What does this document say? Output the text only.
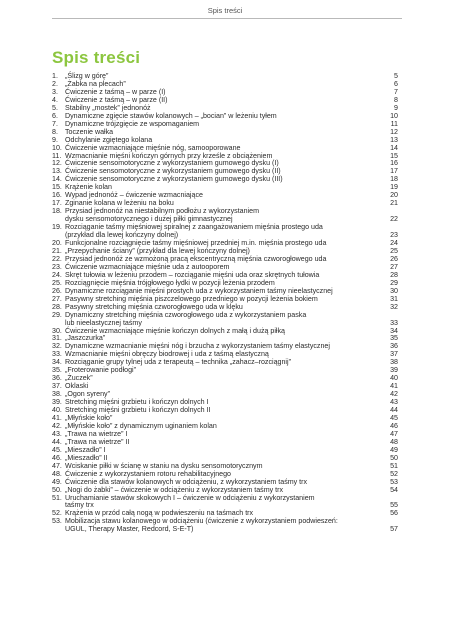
Spis treści
Spis treści
1. „Ślizg w górę”	5
2. „Żabka na plecach”	6
3. Ćwiczenie z taśmą – w parze (I)	7
4. Ćwiczenie z taśmą – w parze (II)	8
5. Stabilny „mostek” jednonóż	9
6. Dynamiczne zgięcie stawów kolanowych – „bocian” w leżeniu tyłem	10
7. Dynamiczne trójzgięcie ze wspomaganiem	11
8. Toczenie wałka	12
9. Odchylanie zgiętego kolana	13
10. Ćwiczenie wzmacniające mięśnie nóg, samooporowane	14
11. Wzmacnianie mięśni kończyn górnych przy krześle z obciążeniem	15
12. Ćwiczenie sensomotoryczne z wykorzystaniem gumowego dysku (I)	16
13. Ćwiczenie sensomotoryczne z wykorzystaniem gumowego dysku (II)	17
14. Ćwiczenie sensomotoryczne z wykorzystaniem gumowego dysku (III)	18
15. Krążenie kolan	19
16. Wypad jednonóż – ćwiczenie wzmacniające	20
17. Zginanie kolana w leżeniu na boku	21
18. Przysiad jednonóż na niestabilnym podłożu z wykorzystaniem
dysku sensomotorycznego i dużej piłki gimnastycznej	22
19. Rozciąganie taśmy mięśniowej spiralnej z zaangażowaniem mięśnia prostego uda
(przykład dla lewej kończyny dolnej)	23
20. Funkcjonalne rozciągnięcie taśmy mięśniowej przedniej m.in. mięśnia prostego uda	24
21. „Przepychanie ściany” (przykład dla lewej kończyny dolnej)	25
22. Przysiad jednonóż ze wzmożoną pracą ekscentryczną mięśnia czworogłowego uda	26
23. Ćwiczenie wzmacniające mięśnie uda z autooporem	27
24. Skręt tułowia w leżeniu przodem – rozciąganie mięśni uda oraz skrętnych tułowia	28
25. Rozciągnięcie mięśnia trójgłowego łydki w pozycji leżenia przodem	29
26. Dynamiczne rozciąganie mięśni prostych uda z wykorzystaniem taśmy nieelastycznej	30
27. Pasywny stretching mięśnia piszczelowego przedniego w pozycji leżenia bokiem	31
28. Pasywny stretching mięśnia czworogłowego uda w klęku	32
29. Dynamiczny stretching mięśnia czworogłowego uda z wykorzystaniem paska
lub nieelastycznej taśmy	33
30. Ćwiczenie wzmacniające mięśnie kończyn dolnych z małą i dużą piłką	34
31. „Jaszczurka”	35
32. Dynamiczne wzmacnianie mięśni nóg i brzucha z wykorzystaniem taśmy elastycznej	36
33. Wzmacnianie mięśni obręczy biodrowej i uda z taśmą elastyczną	37
34. Rozciąganie grupy tylnej uda z terapeutą – technika „zahacz–rozciągnij”	38
35. „Froterowanie podłogi”	39
36. „Żuczek”	40
37. Oklaski	41
38. „Ogon syreny”	42
39. Stretching mięśni grzbietu i kończyn dolnych I	43
40. Stretching mięśni grzbietu i kończyn dolnych II	44
41. „Młyńskie koło”	45
42. „Młyńskie koło” z dynamicznym uginaniem kolan	46
43. „Trawa na wietrze” I	47
44. „Trawa na wietrze” II	48
45. „Mieszadło” I	49
46. „Mieszadło” II	50
47. Wciskanie piłki w ścianę w staniu na dysku sensomotorycznym	51
48. Ćwiczenie z wykorzystaniem rotoru rehabilitacyjnego	52
49. Ćwiczenie dla stawów kolanowych w odciążeniu, z wykorzystaniem taśmy trx	53
50. „Nogi do żabki” – ćwiczenie w odciążeniu z wykorzystaniem taśmy trx	54
51. Uruchamianie stawów skokowych I – ćwiczenie w odciążeniu z wykorzystaniem
taśmy trx	55
52. Krążenia w przód całą nogą w podwieszeniu na taśmach trx	56
53. Mobilizacja stawu kolanowego w odciążeniu (ćwiczenie z wykorzystaniem podwieszeń:
UGUL, Therapy Master, Redcord, S-E-T)	57
